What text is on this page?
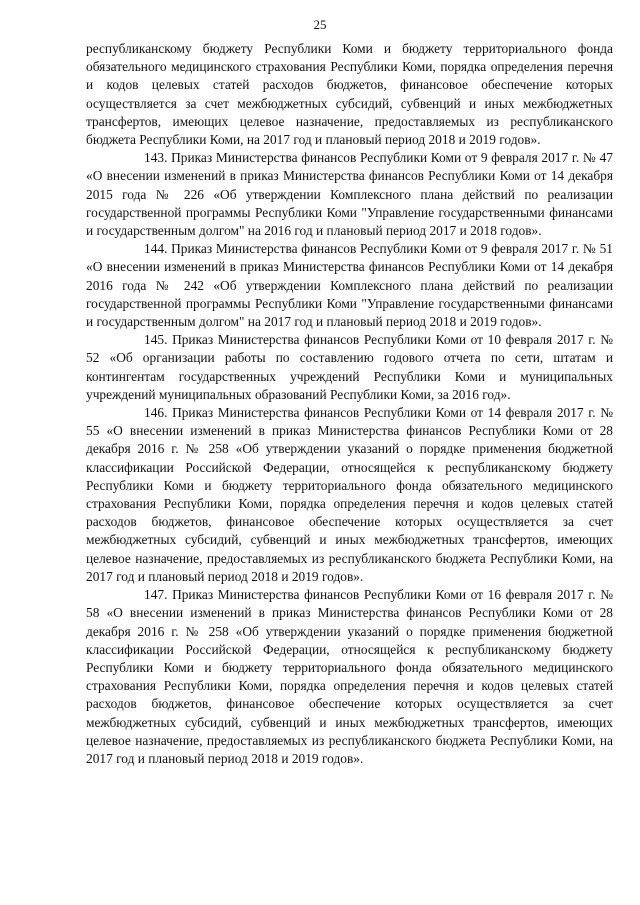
25

республиканскому бюджету Республики Коми и бюджету территориального фонда обязательного медицинского страхования Республики Коми, порядка определения перечня и кодов целевых статей расходов бюджетов, финансовое обеспечение которых осуществляется за счет межбюджетных субсидий, субвенций и иных межбюджетных трансфертов, имеющих целевое назначение, предоставляемых из республиканского бюджета Республики Коми, на 2017 год и плановый период 2018 и 2019 годов».

143. Приказ Министерства финансов Республики Коми от 9 февраля 2017 г. № 47 «О внесении изменений в приказ Министерства финансов Республики Коми от 14 декабря 2015 года № 226 «Об утверждении Комплексного плана действий по реализации государственной программы Республики Коми "Управление государственными финансами и государственным долгом" на 2016 год и плановый период 2017 и 2018 годов».

144. Приказ Министерства финансов Республики Коми от 9 февраля 2017 г. № 51 «О внесении изменений в приказ Министерства финансов Республики Коми от 14 декабря 2016 года № 242 «Об утверждении Комплексного плана действий по реализации государственной программы Республики Коми "Управление государственными финансами и государственным долгом" на 2017 год и плановый период 2018 и 2019 годов».

145. Приказ Министерства финансов Республики Коми от 10 февраля 2017 г. № 52 «Об организации работы по составлению годового отчета по сети, штатам и контингентам государственных учреждений Республики Коми и муниципальных учреждений муниципальных образований Республики Коми, за 2016 год».

146. Приказ Министерства финансов Республики Коми от 14 февраля 2017 г. № 55 «О внесении изменений в приказ Министерства финансов Республики Коми от 28 декабря 2016 г. № 258 «Об утверждении указаний о порядке применения бюджетной классификации Российской Федерации, относящейся к республиканскому бюджету Республики Коми и бюджету территориального фонда обязательного медицинского страхования Республики Коми, порядка определения перечня и кодов целевых статей расходов бюджетов, финансовое обеспечение которых осуществляется за счет межбюджетных субсидий, субвенций и иных межбюджетных трансфертов, имеющих целевое назначение, предоставляемых из республиканского бюджета Республики Коми, на 2017 год и плановый период 2018 и 2019 годов».

147. Приказ Министерства финансов Республики Коми от 16 февраля 2017 г. № 58 «О внесении изменений в приказ Министерства финансов Республики Коми от 28 декабря 2016 г. № 258 «Об утверждении указаний о порядке применения бюджетной классификации Российской Федерации, относящейся к республиканскому бюджету Республики Коми и бюджету территориального фонда обязательного медицинского страхования Республики Коми, порядка определения перечня и кодов целевых статей расходов бюджетов, финансовое обеспечение которых осуществляется за счет межбюджетных субсидий, субвенций и иных межбюджетных трансфертов, имеющих целевое назначение, предоставляемых из республиканского бюджета Республики Коми, на 2017 год и плановый период 2018 и 2019 годов».
